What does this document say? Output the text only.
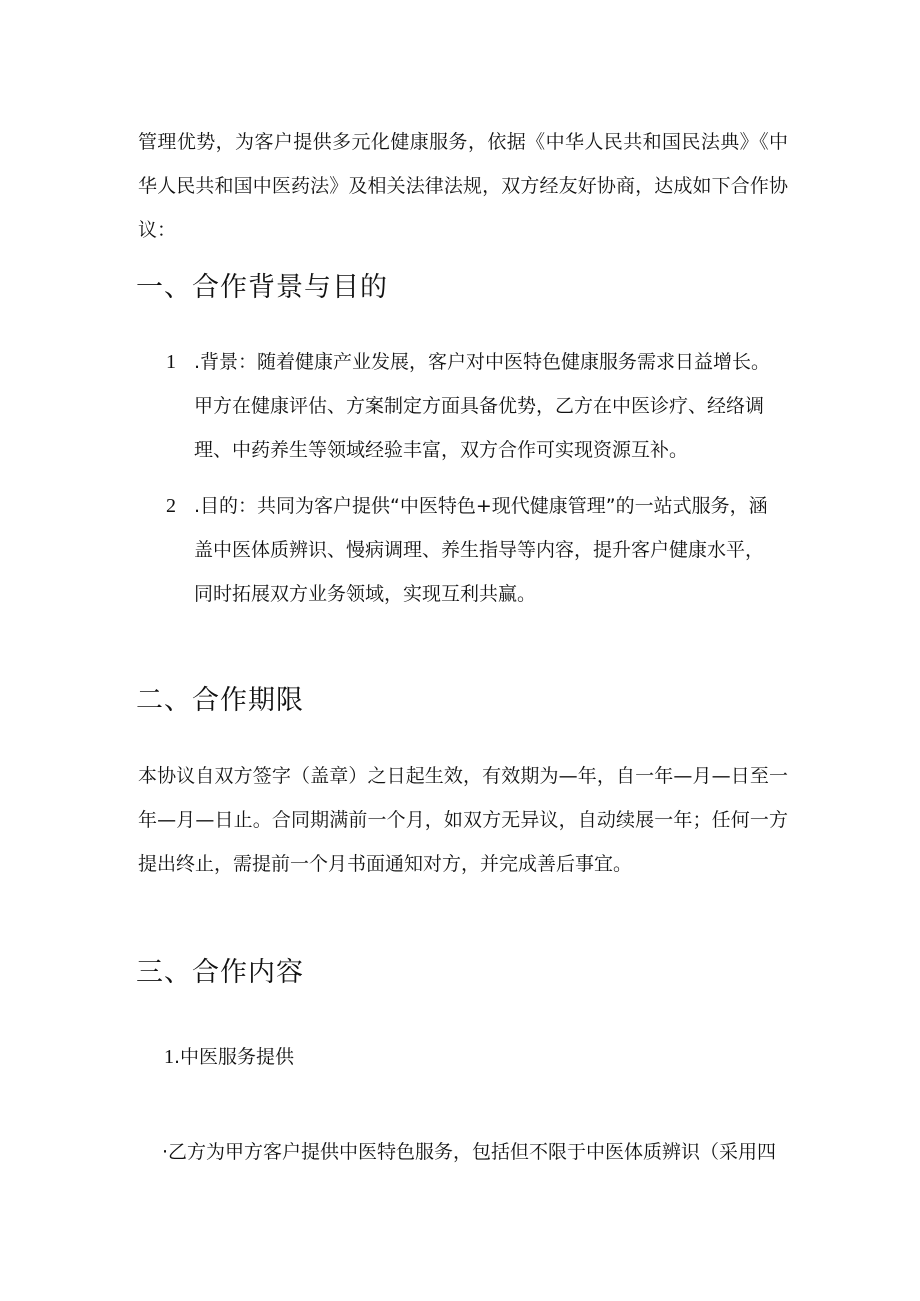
管理优势，为客户提供多元化健康服务，依据《中华人民共和国民法典》《中华人民共和国中医药法》及相关法律法规，双方经友好协商，达成如下合作协议：

一、合作背景与目的
1 .背景：随着健康产业发展，客户对中医特色健康服务需求日益增长。甲方在健康评估、方案制定方面具备优势，乙方在中医诊疗、经络调理、中药养生等领域经验丰富，双方合作可实现资源互补。
2 .目的：共同为客户提供“中医特色+现代健康管理”的一站式服务，涵盖中医体质辨识、慢病调理、养生指导等内容，提升客户健康水平，同时拓展双方业务领域，实现互利共赢。
二、合作期限

本协议自双方签字（盖章）之日起生效，有效期为—年，自一年—月—日至一年—月—日止。合同期满前一个月，如双方无异议，自动续展一年；任何一方提出终止，需提前一个月书面通知对方，并完成善后事宜。

三、合作内容
1.中医服务提供

·乙方为甲方客户提供中医特色服务，包括但不限于中医体质辨识（采用四
